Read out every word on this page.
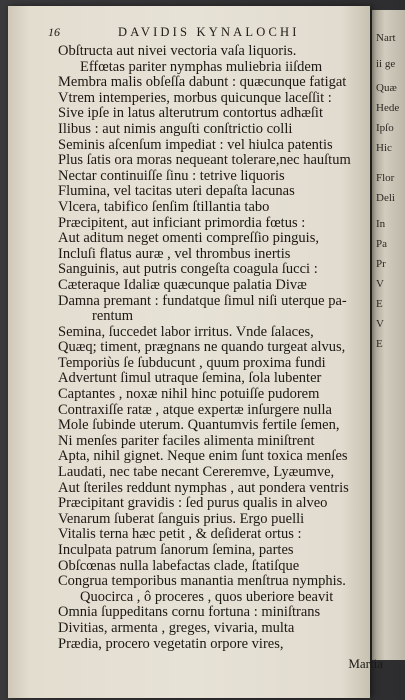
Nart
ii ge
Quæ
Hede
Ipſo
Hic
Flor
Deli
In
Pa
Pr
V
E
V
E
16	DAVIDIS KYNALOCHI
Obſtructa aut nivei vectoria vaſa liquoris.
Effœtas pariter nymphas muliebria iiſdem
Membra malis obſeſſa dabunt : quæcunque fatigat
Vtrem intemperies, morbus quicunque laceſſit :
Sive ipſe in latus alterutrum contortus adhæſit
Ilibus : aut nimis anguſti conſtrictio colli
Seminis aſcenſum impediat : vel hiulca patentis
Plus ſatis ora moras nequeant tolerare,nec hauſtum
Nectar continuiſſe ſinu : tetrive liquoris
Flumina, vel tacitas uteri depaſta lacunas
Vlcera, tabifico ſenſim ſtillantia tabo
Præcipitent, aut inficiant primordia fœtus :
Aut aditum neget omenti compreſſio pinguis,
Incluſi flatus auræ , vel thrombus inertis
Sanguinis, aut putris congeſta coagula ſucci :
Cæteraque Idaliæ quæcunque palatia Divæ
Damna premant : fundatque ſimul niſi uterque pa-
rentum
Semina, ſuccedet labor irritus. Vnde ſalaces,
Quæq; timent, prægnans ne quando turgeat alvus,
Temporiùs ſe ſubducunt , quum proxima fundi
Advertunt ſimul utraque ſemina, ſola lubenter
Captantes , noxæ nihil hinc potuiſſe pudorem
Contraxiſſe ratæ , atque expertæ inſurgere nulla
Mole ſubinde uterum. Quantumvis fertile ſemen,
Ni menſes pariter faciles alimenta miniſtrent
Apta, nihil gignet. Neque enim ſunt toxica menſes
Laudati, nec tabe necant Cereremve, Lyæumve,
Aut ſteriles reddunt nymphas , aut pondera ventris
Præcipitant gravidis : ſed purus qualis in alveo
Venarum ſuberat ſanguis prius. Ergo puelli
Vitalis terna hæc petit , & deſiderat ortus :
Inculpata patrum ſanorum ſemina, partes
Obſcœnas nulla labefactas clade, ſtatiſque
Congrua temporibus manantia menſtrua nymphis.
Quocirca , ô proceres , quos uberiore beavit
Omnia ſuppeditans cornu fortuna : miniſtrans
Divitias, armenta , greges, vivaria, multa
Prædia, procero vegetatin orpore vires,
Martia
